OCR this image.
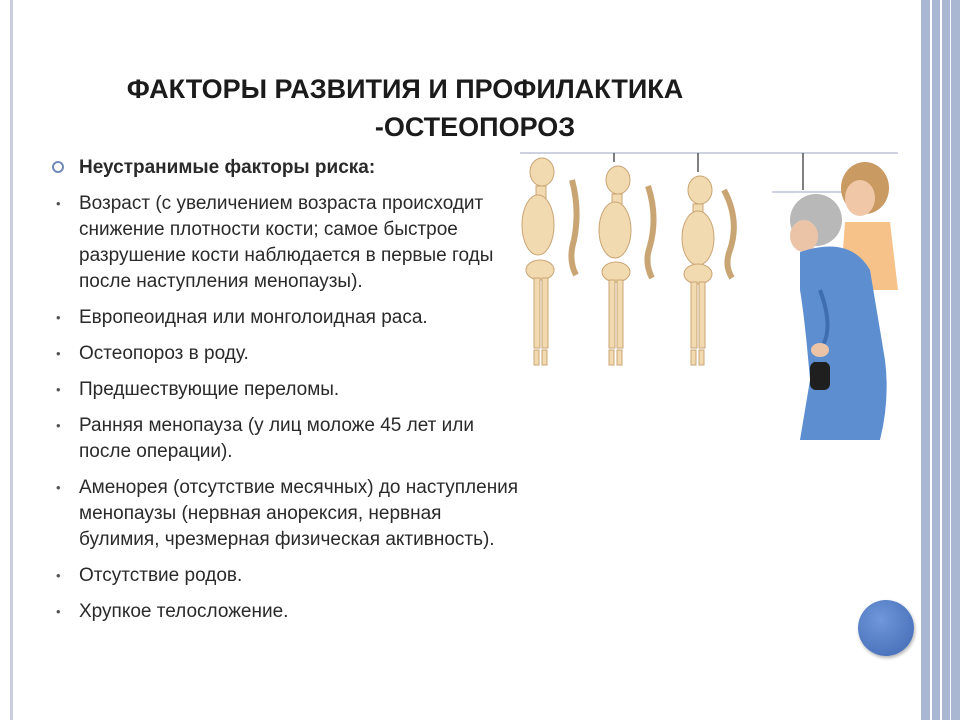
ФАКТОРЫ РАЗВИТИЯ И ПРОФИЛАКТИКА
-ОСТЕОПОРОЗ
Неустранимые факторы риска:
• Возраст (с увеличением возраста происходит снижение плотности кости; самое быстрое разрушение кости наблюдается в первые годы после наступления менопаузы).
• Европеоидная или монголоидная раса.
• Остеопороз в роду.
• Предшествующие переломы.
• Ранняя менопауза (у лиц моложе 45 лет или после операции).
• Аменорея (отсутствие месячных) до наступления менопаузы (нервная анорексия, нервная булимия, чрезмерная физическая активность).
• Отсутствие родов.
• Хрупкое телосложение.
